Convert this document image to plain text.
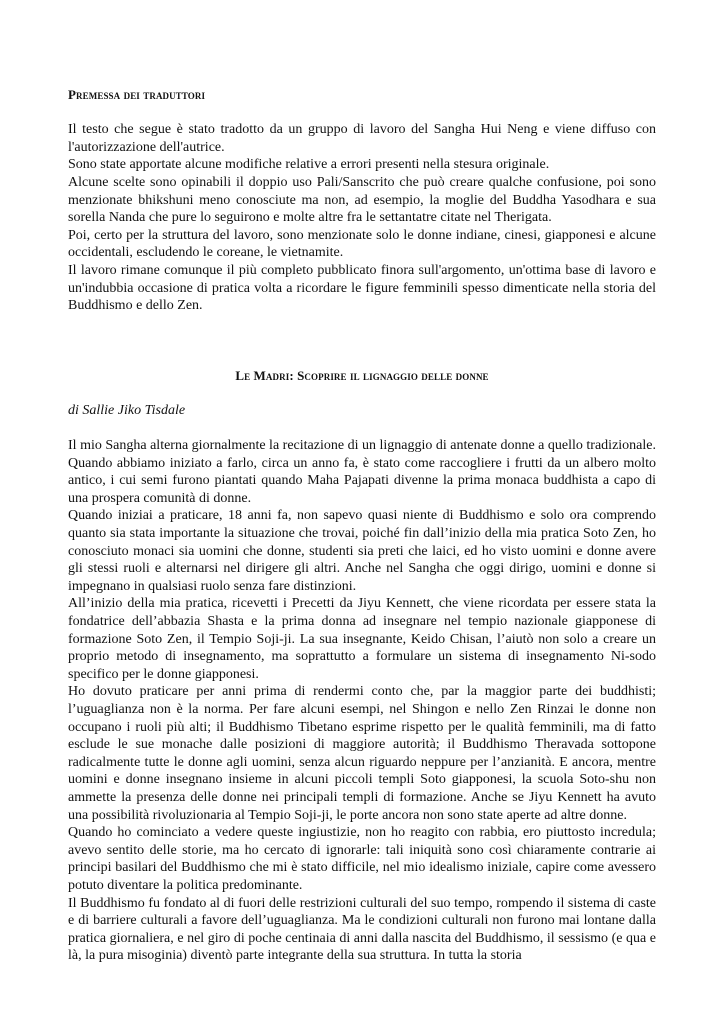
Premessa dei traduttori

Il testo che segue è stato tradotto da un gruppo di lavoro del Sangha Hui Neng e viene diffuso con l'autorizzazione dell'autrice.

Sono state apportate alcune modifiche relative a errori presenti nella stesura originale.

Alcune scelte sono opinabili il doppio uso Pali/Sanscrito che può creare qualche confusione, poi sono menzionate bhikshuni meno conosciute ma non, ad esempio, la moglie del Buddha Yasodhara e sua sorella Nanda che pure lo seguirono e molte altre fra le settantatre citate nel Therigata.

Poi, certo per la struttura del lavoro, sono menzionate solo le donne indiane, cinesi, giapponesi e alcune occidentali, escludendo le coreane, le vietnamite.

Il lavoro rimane comunque il più completo pubblicato finora sull'argomento, un'ottima base di lavoro e un'indubbia occasione di pratica volta a ricordare le figure femminili spesso dimenticate nella storia del Buddhismo e dello Zen.

Le Madri: Scoprire il lignaggio delle donne

di Sallie Jiko Tisdale

Il mio Sangha alterna giornalmente la recitazione di un lignaggio di antenate donne a quello tradizionale. Quando abbiamo iniziato a farlo, circa un anno fa, è stato come raccogliere i frutti da un albero molto antico, i cui semi furono piantati quando Maha Pajapati divenne la prima monaca buddhista a capo di una prospera comunità di donne.

Quando iniziai a praticare, 18 anni fa, non sapevo quasi niente di Buddhismo e solo ora comprendo quanto sia stata importante la situazione che trovai, poiché fin dall’inizio della mia pratica Soto Zen, ho conosciuto monaci sia uomini che donne, studenti sia preti che laici, ed ho visto uomini e donne avere gli stessi ruoli e alternarsi nel dirigere gli altri. Anche nel Sangha che oggi dirigo, uomini e donne si impegnano in qualsiasi ruolo senza fare distinzioni.

All’inizio della mia pratica, ricevetti i Precetti da Jiyu Kennett, che viene ricordata per essere stata la fondatrice dell’abbazia Shasta e la prima donna ad insegnare nel tempio nazionale giapponese di formazione Soto Zen, il Tempio Soji-ji. La sua insegnante, Keido Chisan, l’aiutò non solo a creare un proprio metodo di insegnamento, ma soprattutto a formulare un sistema di insegnamento Ni-sodo specifico per le donne giapponesi.

Ho dovuto praticare per anni prima di rendermi conto che, par la maggior parte dei buddhisti; l’uguaglianza non è la norma. Per fare alcuni esempi, nel Shingon e nello Zen Rinzai le donne non occupano i ruoli più alti; il Buddhismo Tibetano esprime rispetto per le qualità femminili, ma di fatto esclude le sue monache dalle posizioni di maggiore autorità; il Buddhismo Theravada sottopone radicalmente tutte le donne agli uomini, senza alcun riguardo neppure per l’anzianità. E ancora, mentre uomini e donne insegnano insieme in alcuni piccoli templi Soto giapponesi, la scuola Soto-shu non ammette la presenza delle donne nei principali templi di formazione. Anche se Jiyu Kennett ha avuto una possibilità rivoluzionaria al Tempio Soji-ji, le porte ancora non sono state aperte ad altre donne.

Quando ho cominciato a vedere queste ingiustizie, non ho reagito con rabbia, ero piuttosto incredula; avevo sentito delle storie, ma ho cercato di ignorarle: tali iniquità sono così chiaramente contrarie ai principi basilari del Buddhismo che mi è stato difficile, nel mio idealismo iniziale, capire come avessero potuto diventare la politica predominante.

Il Buddhismo fu fondato al di fuori delle restrizioni culturali del suo tempo, rompendo il sistema di caste e di barriere culturali a favore dell’uguaglianza. Ma le condizioni culturali non furono mai lontane dalla pratica giornaliera, e nel giro di poche centinaia di anni dalla nascita del Buddhismo, il sessismo (e qua e là, la pura misoginia) diventò parte integrante della sua struttura. In tutta la storia
